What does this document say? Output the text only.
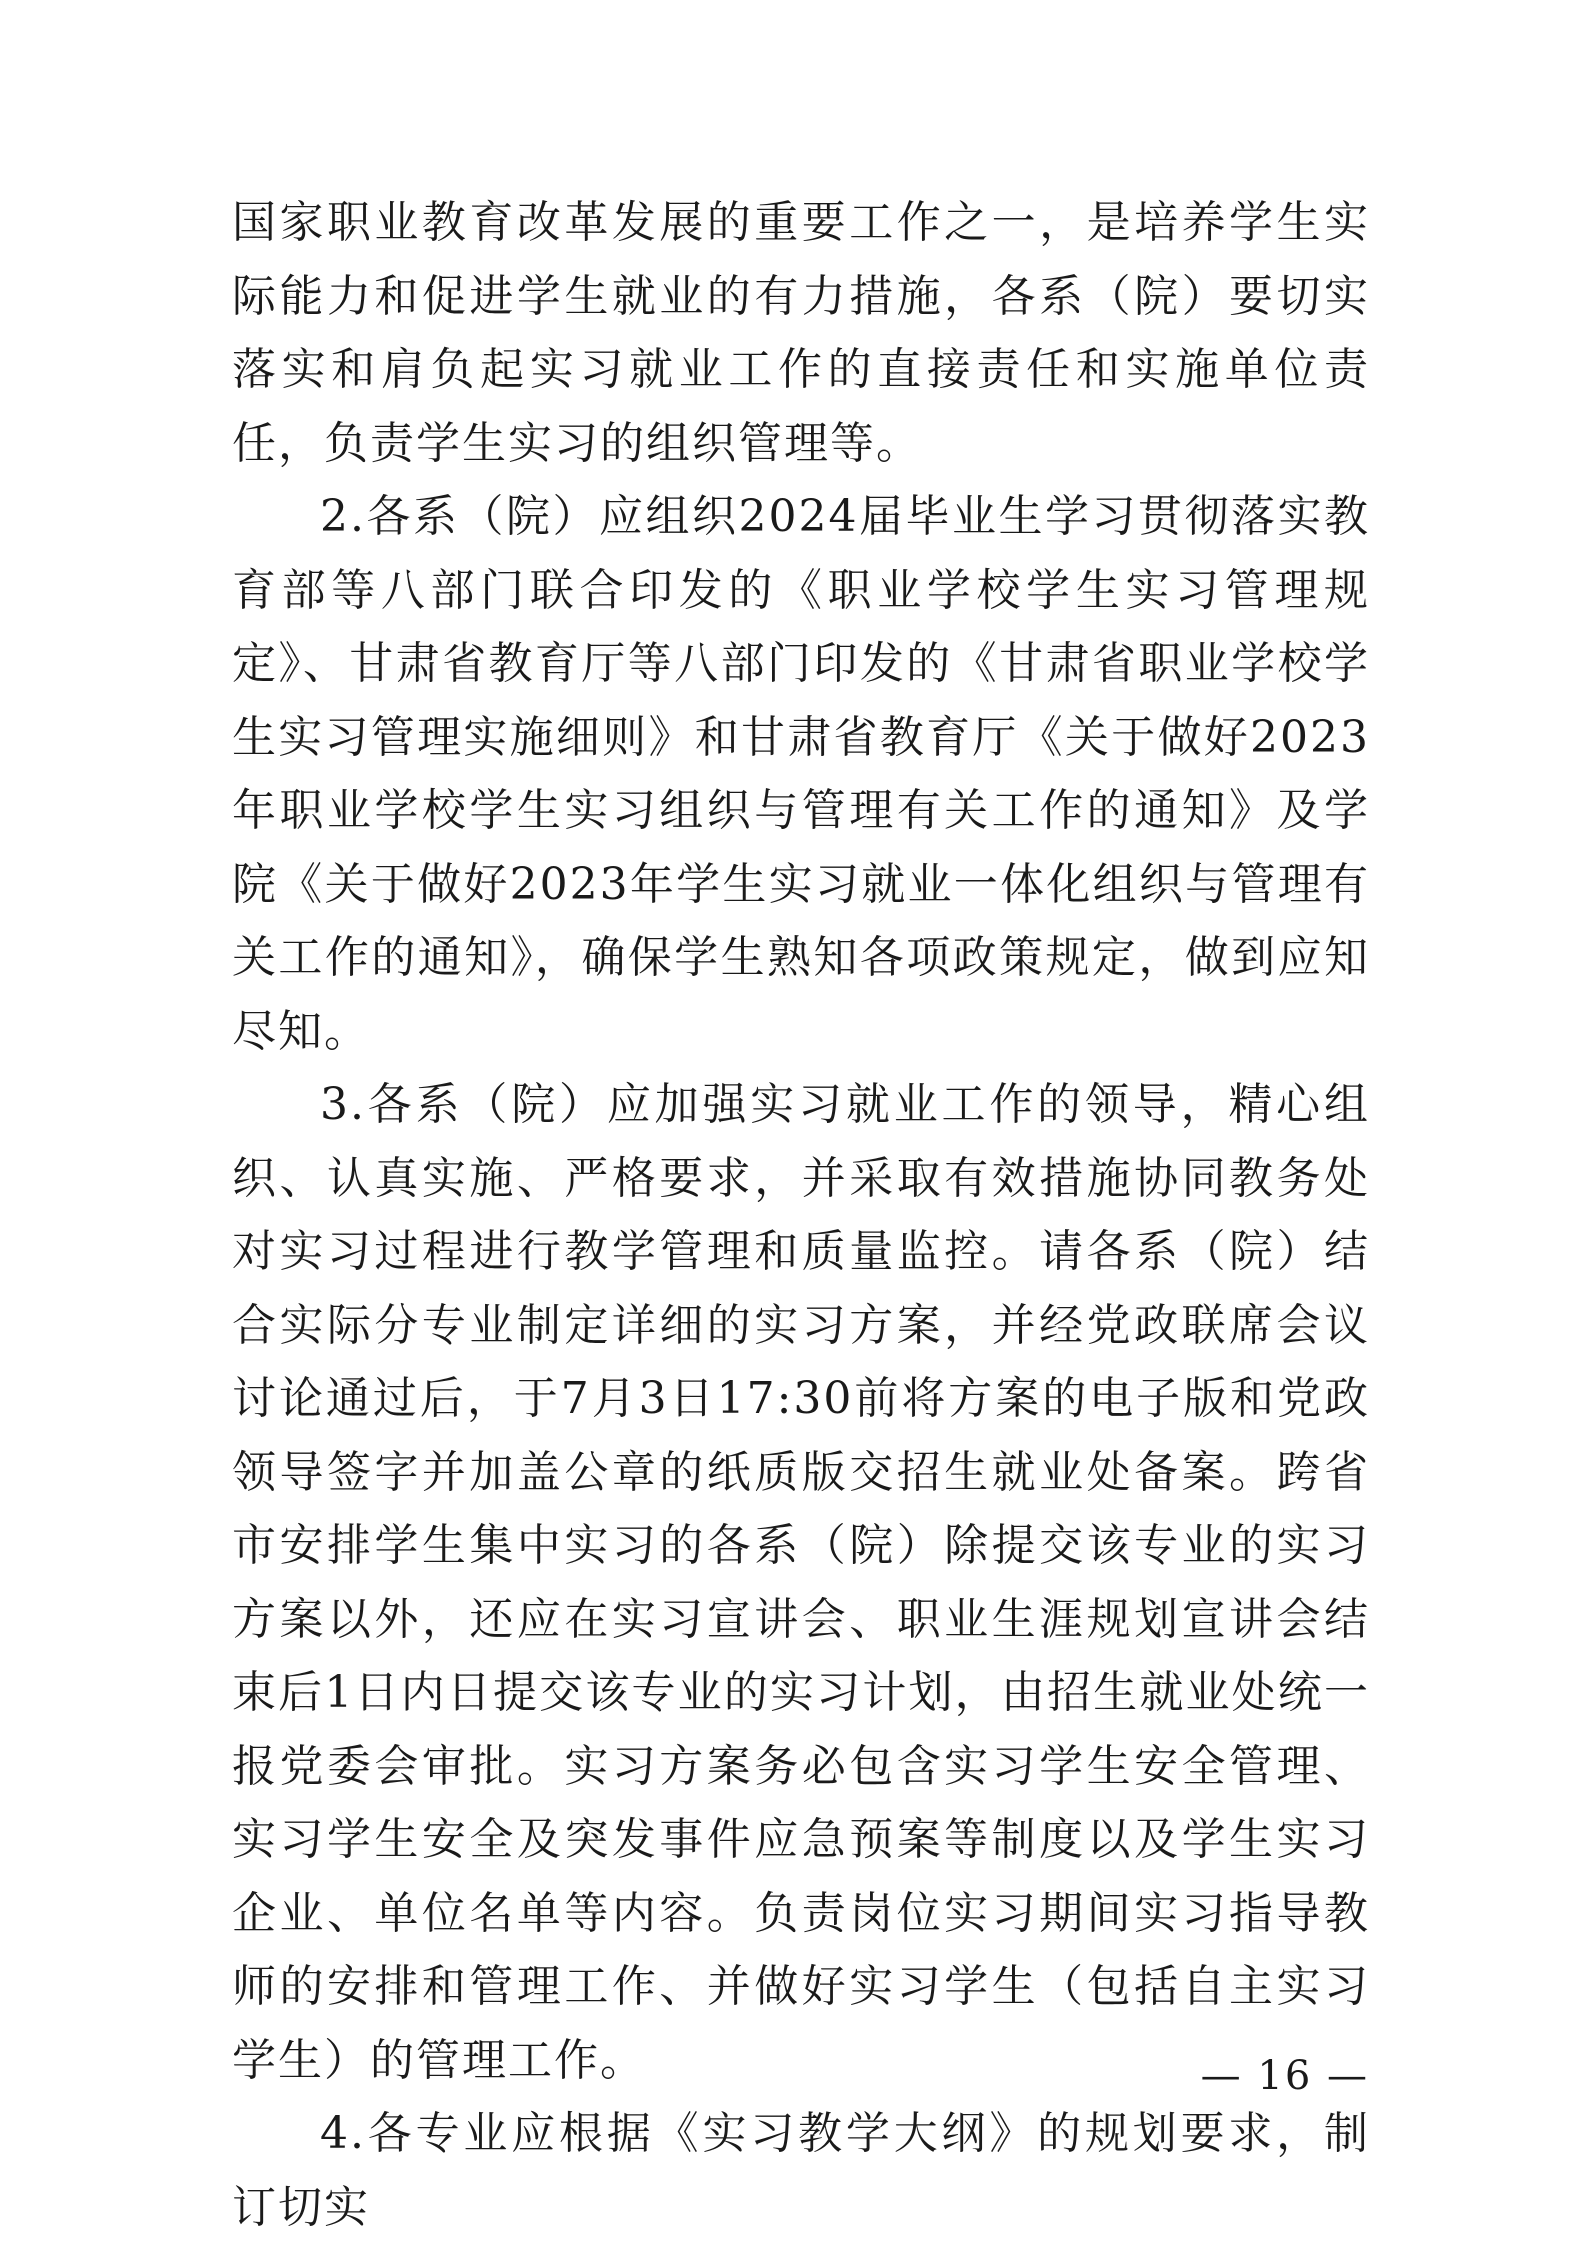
国家职业教育改革发展的重要工作之一，是培养学生实际能力和促进学生就业的有力措施，各系（院）要切实落实和肩负起实习就业工作的直接责任和实施单位责任，负责学生实习的组织管理等。

2.各系（院）应组织2024届毕业生学习贯彻落实教育部等八部门联合印发的《职业学校学生实习管理规定》、甘肃省教育厅等八部门印发的《甘肃省职业学校学生实习管理实施细则》和甘肃省教育厅《关于做好2023年职业学校学生实习组织与管理有关工作的通知》及学院《关于做好2023年学生实习就业一体化组织与管理有关工作的通知》，确保学生熟知各项政策规定，做到应知尽知。

3.各系（院）应加强实习就业工作的领导，精心组织、认真实施、严格要求，并采取有效措施协同教务处对实习过程进行教学管理和质量监控。请各系（院）结合实际分专业制定详细的实习方案，并经党政联席会议讨论通过后，于7月3日17:30前将方案的电子版和党政领导签字并加盖公章的纸质版交招生就业处备案。跨省市安排学生集中实习的各系（院）除提交该专业的实习方案以外，还应在实习宣讲会、职业生涯规划宣讲会结束后1日内日提交该专业的实习计划，由招生就业处统一报党委会审批。实习方案务必包含实习学生安全管理、实习学生安全及突发事件应急预案等制度以及学生实习企业、单位名单等内容。负责岗位实习期间实习指导教师的安排和管理工作、并做好实习学生（包括自主实习学生）的管理工作。

4.各专业应根据《实习教学大纲》的规划要求，制订切实

— 16 —
